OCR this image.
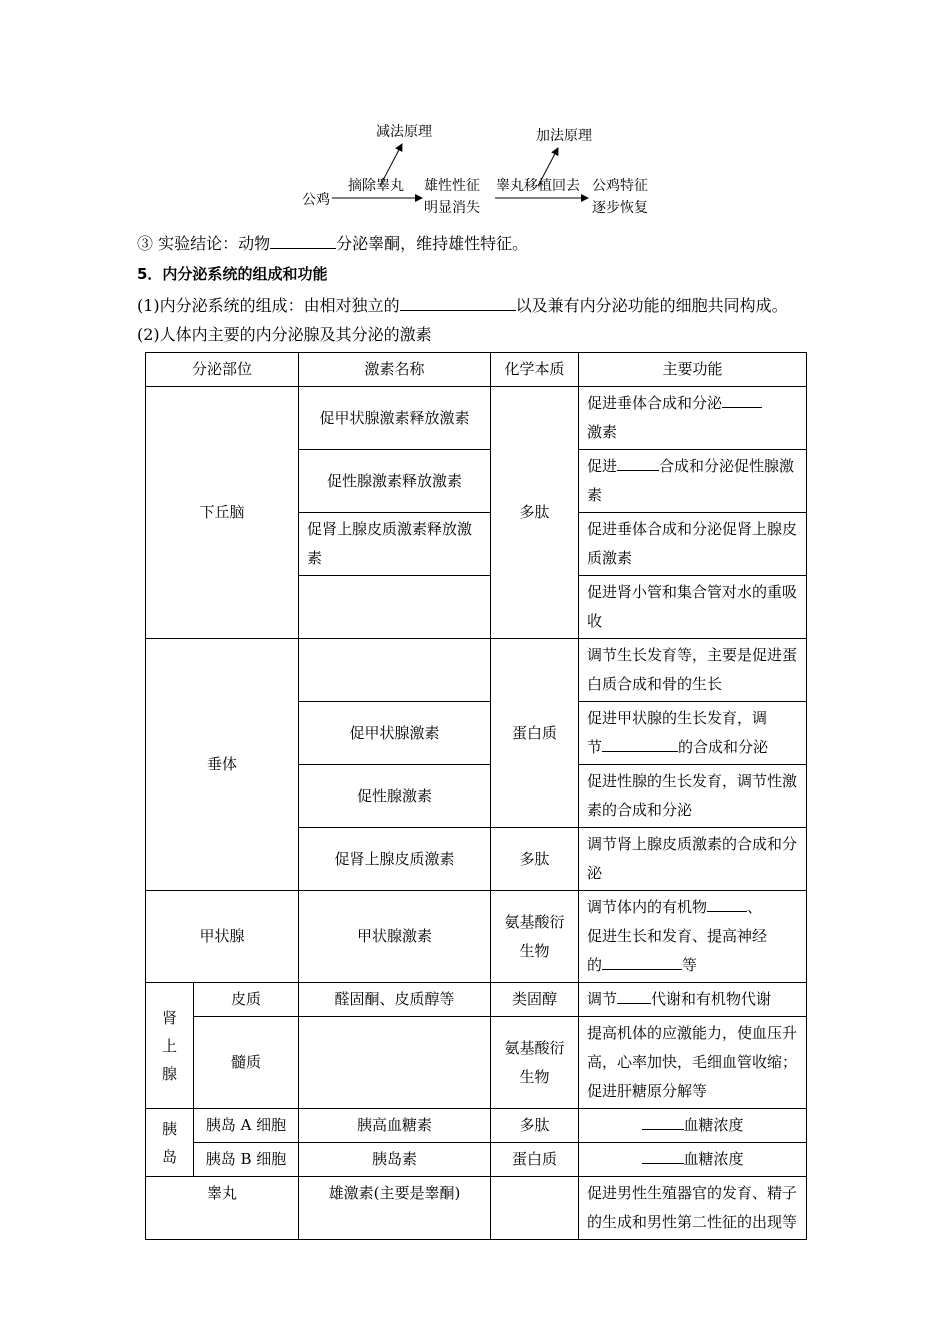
减法原理	加法原理
公鸡
摘除睾丸 雄性性征
明显消失
睾丸移植回去 公鸡特征
逐步恢复
③ 实验结论：动物	分泌睾酮，维持雄性特征。
5．内分泌系统的组成和功能
(1)内分泌系统的组成：由相对独立的	以及兼有内分泌功能的细胞共同构成。
(2)人体内主要的内分泌腺及其分泌的激素
分泌部位		激素名称	化学本质	主要功能
下丘脑		促甲状腺激素释放激素	多肽	促进垂体合成和分泌
激素
		促性腺激素释放激素		促进 合成和分泌促性腺激素
		促肾上腺皮质激素释放激素		促进垂体合成和分泌促肾上腺皮质激素
				促进肾小管和集合管对水的重吸收
垂体			蛋白质	调节生长发育等，主要是促进蛋白质合成和骨的生长
		促甲状腺激素		促进甲状腺的生长发育，调
节 的合成和分泌
		促性腺激素		促进性腺的生长发育，调节性激素的合成和分泌
		促肾上腺皮质激素	多肽	调节肾上腺皮质激素的合成和分泌
甲状腺		甲状腺激素	氨基酸衍生物	调节体内的有机物 、
促进生长和发育、提高神经
的 等
肾上腺	皮质	醛固酮、皮质醇等	类固醇	调节 代谢和有机物代谢
	髓质		氨基酸衍生物	提高机体的应激能力，使血压升高，心率加快，毛细血管收缩；促进肝糖原分解等
胰岛	胰岛 A 细胞	胰高血糖素	多肽	血糖浓度
	胰岛 B 细胞	胰岛素	蛋白质	血糖浓度
睾丸		雄激素(主要是睾酮)		促进男性生殖器官的发育、精子的生成和男性第二性征的出现等
